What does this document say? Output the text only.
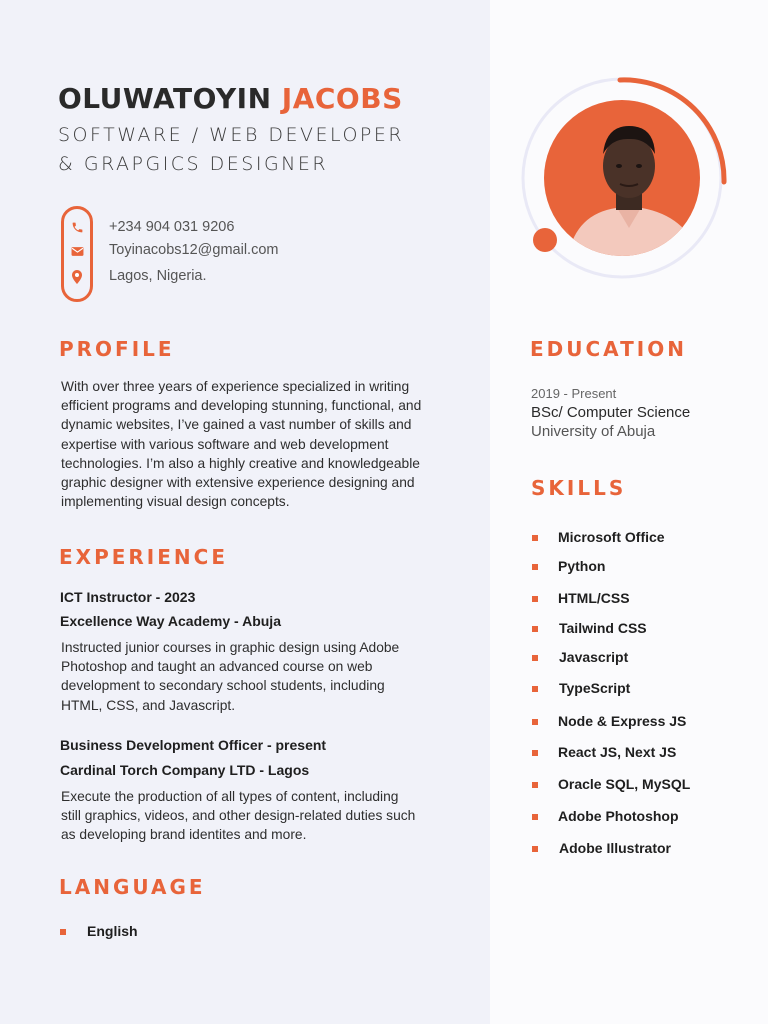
OLUWATOYIN JACOBS
SOFTWARE / WEB DEVELOPER
& GRAPGICS DESIGNER
+234 904 031 9206
Toyinacobs12@gmail.com
Lagos, Nigeria.
PROFILE
With over three years of experience specialized in writing
efficient programs and developing stunning, functional, and
dynamic websites, I’ve gained a vast number of skills and
expertise with various software and web development
technologies. I’m also a highly creative and knowledgeable
graphic designer with extensive experience designing and
implementing visual design concepts.
EXPERIENCE
ICT Instructor - 2023
Excellence Way Academy - Abuja
Instructed junior courses in graphic design using Adobe
Photoshop and taught an advanced course on web
development to secondary school students, including
HTML, CSS, and Javascript.
Business Development Officer - present
Cardinal Torch Company LTD - Lagos
Execute the production of all types of content, including
still graphics, videos, and other design-related duties such
as developing brand identites and more.
LANGUAGE
English
EDUCATION
2019 - Present
BSc/ Computer Science
University of Abuja
SKILLS
Microsoft Office
Python
HTML/CSS
Tailwind CSS
Javascript
TypeScript
Node & Express JS
React JS, Next JS
Oracle SQL, MySQL
Adobe Photoshop
Adobe Illustrator
